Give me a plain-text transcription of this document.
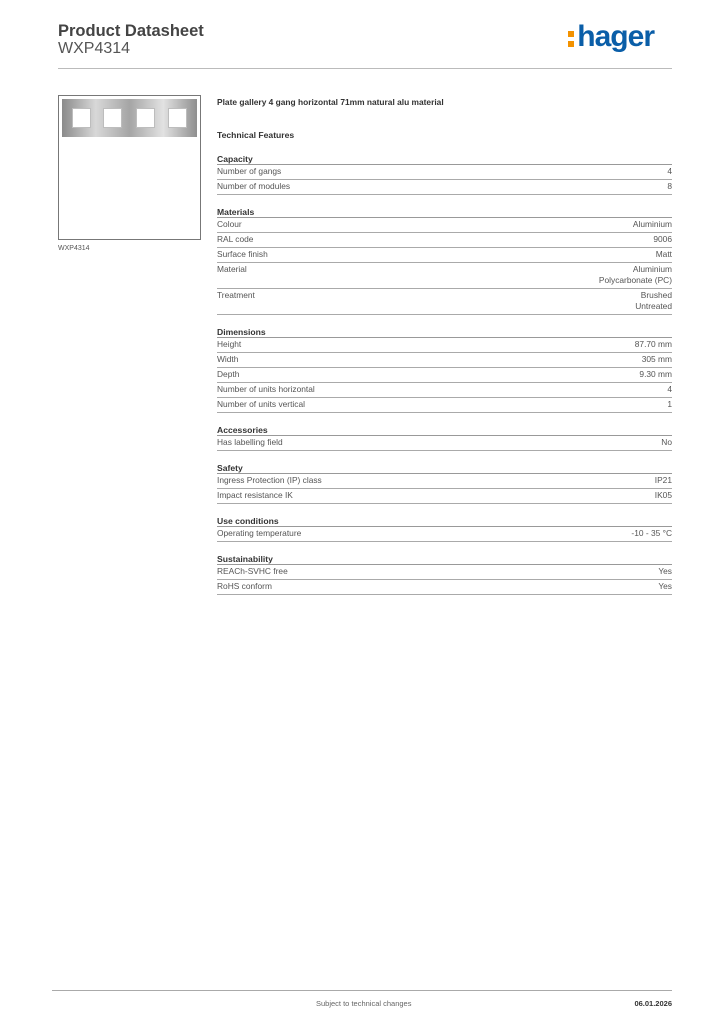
Product Datasheet
WXP4314	hager
WXP4314
Plate gallery 4 gang horizontal 71mm natural alu material
Technical Features
Capacity
Number of gangs	4
Number of modules	8
Materials
Colour	Aluminium
RAL code	9006
Surface finish	Matt
Material	Aluminium
Polycarbonate (PC)
Treatment	Brushed
Untreated
Dimensions
Height	87.70 mm
Width	305 mm
Depth	9.30 mm
Number of units horizontal	4
Number of units vertical	1
Accessories
Has labelling field	No
Safety
Ingress Protection (IP) class	IP21
Impact resistance IK	IK05
Use conditions
Operating temperature	-10 - 35 °C
Sustainability
REACh-SVHC free	Yes
RoHS conform	Yes
Subject to technical changes	06.01.2026
